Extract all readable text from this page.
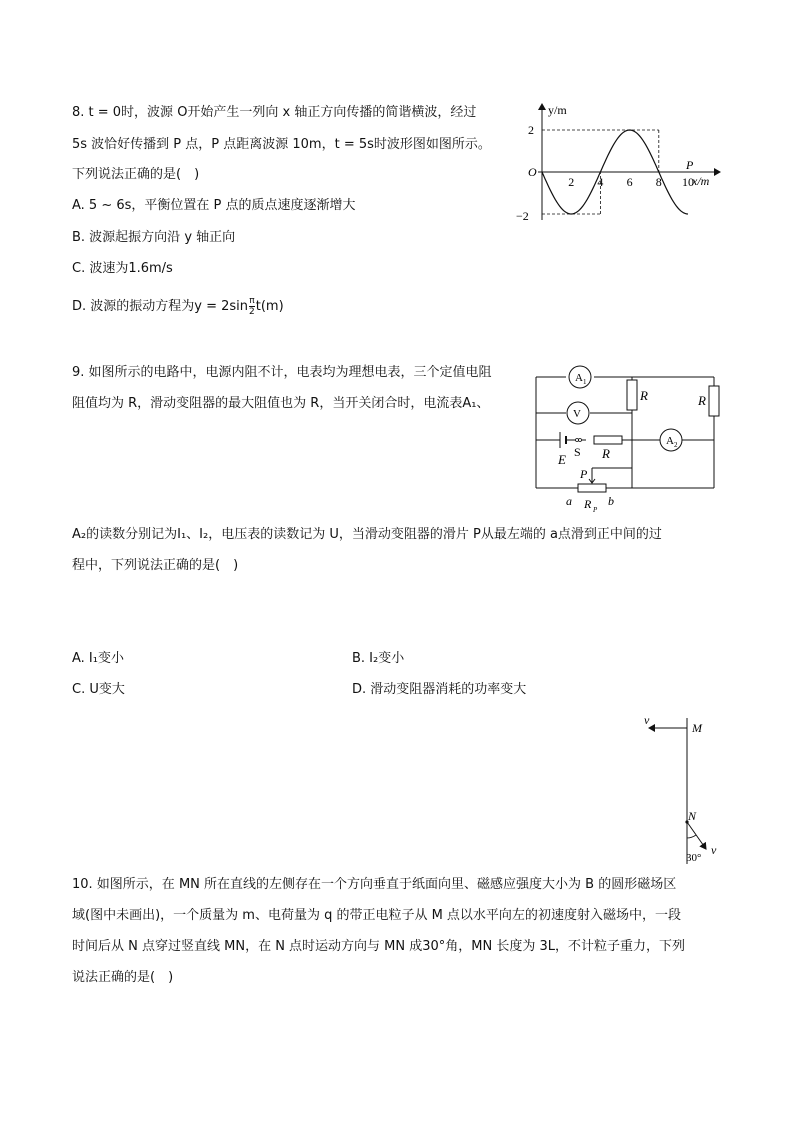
8. t = 0时，波源 O开始产生一列向 x 轴正方向传播的简谐横波，经过
5s 波恰好传播到 P 点，P 点距离波源 10m，t = 5s时波形图如图所示。
下列说法正确的是(　)
A. 5 ~ 6s，平衡位置在 P 点的质点速度逐渐增大
B. 波源起振方向沿 y 轴正向
C. 波速为1.6m/s
D. 波源的振动方程为$y = 2\sin \frac{\pi}{2} t(m)$
y/m
x/m
O
2
−2
2 4 6 8 10
P
9. 如图所示的电路中，电源内阻不计，电表均为理想电表，三个定值电阻
阻值均为 R，滑动变阻器的最大阻值也为 R，当开关闭合时，电流表A₁、
A₂的读数分别记为I₁、I₂，电压表的读数记为 U，当滑动变阻器的滑片 P从最左端的 a点滑到正中间的过
程中，下列说法正确的是(　)
A. I₁变小	B. I₂变小
C. U变大	D. 滑动变阻器消耗的功率变大
A 1
R	R
V
E S R
A 2
P
a	b
R P
v
M
N
v
30°
10. 如图所示，在 MN 所在直线的左侧存在一个方向垂直于纸面向里、磁感应强度大小为 B 的圆形磁场区
域(图中未画出)，一个质量为 m、电荷量为 q 的带正电粒子从 M 点以水平向左的初速度射入磁场中，一段
时间后从 N 点穿过竖直线 MN，在 N 点时运动方向与 MN 成30°角，MN 长度为 3L，不计粒子重力，下列
说法正确的是(　)
